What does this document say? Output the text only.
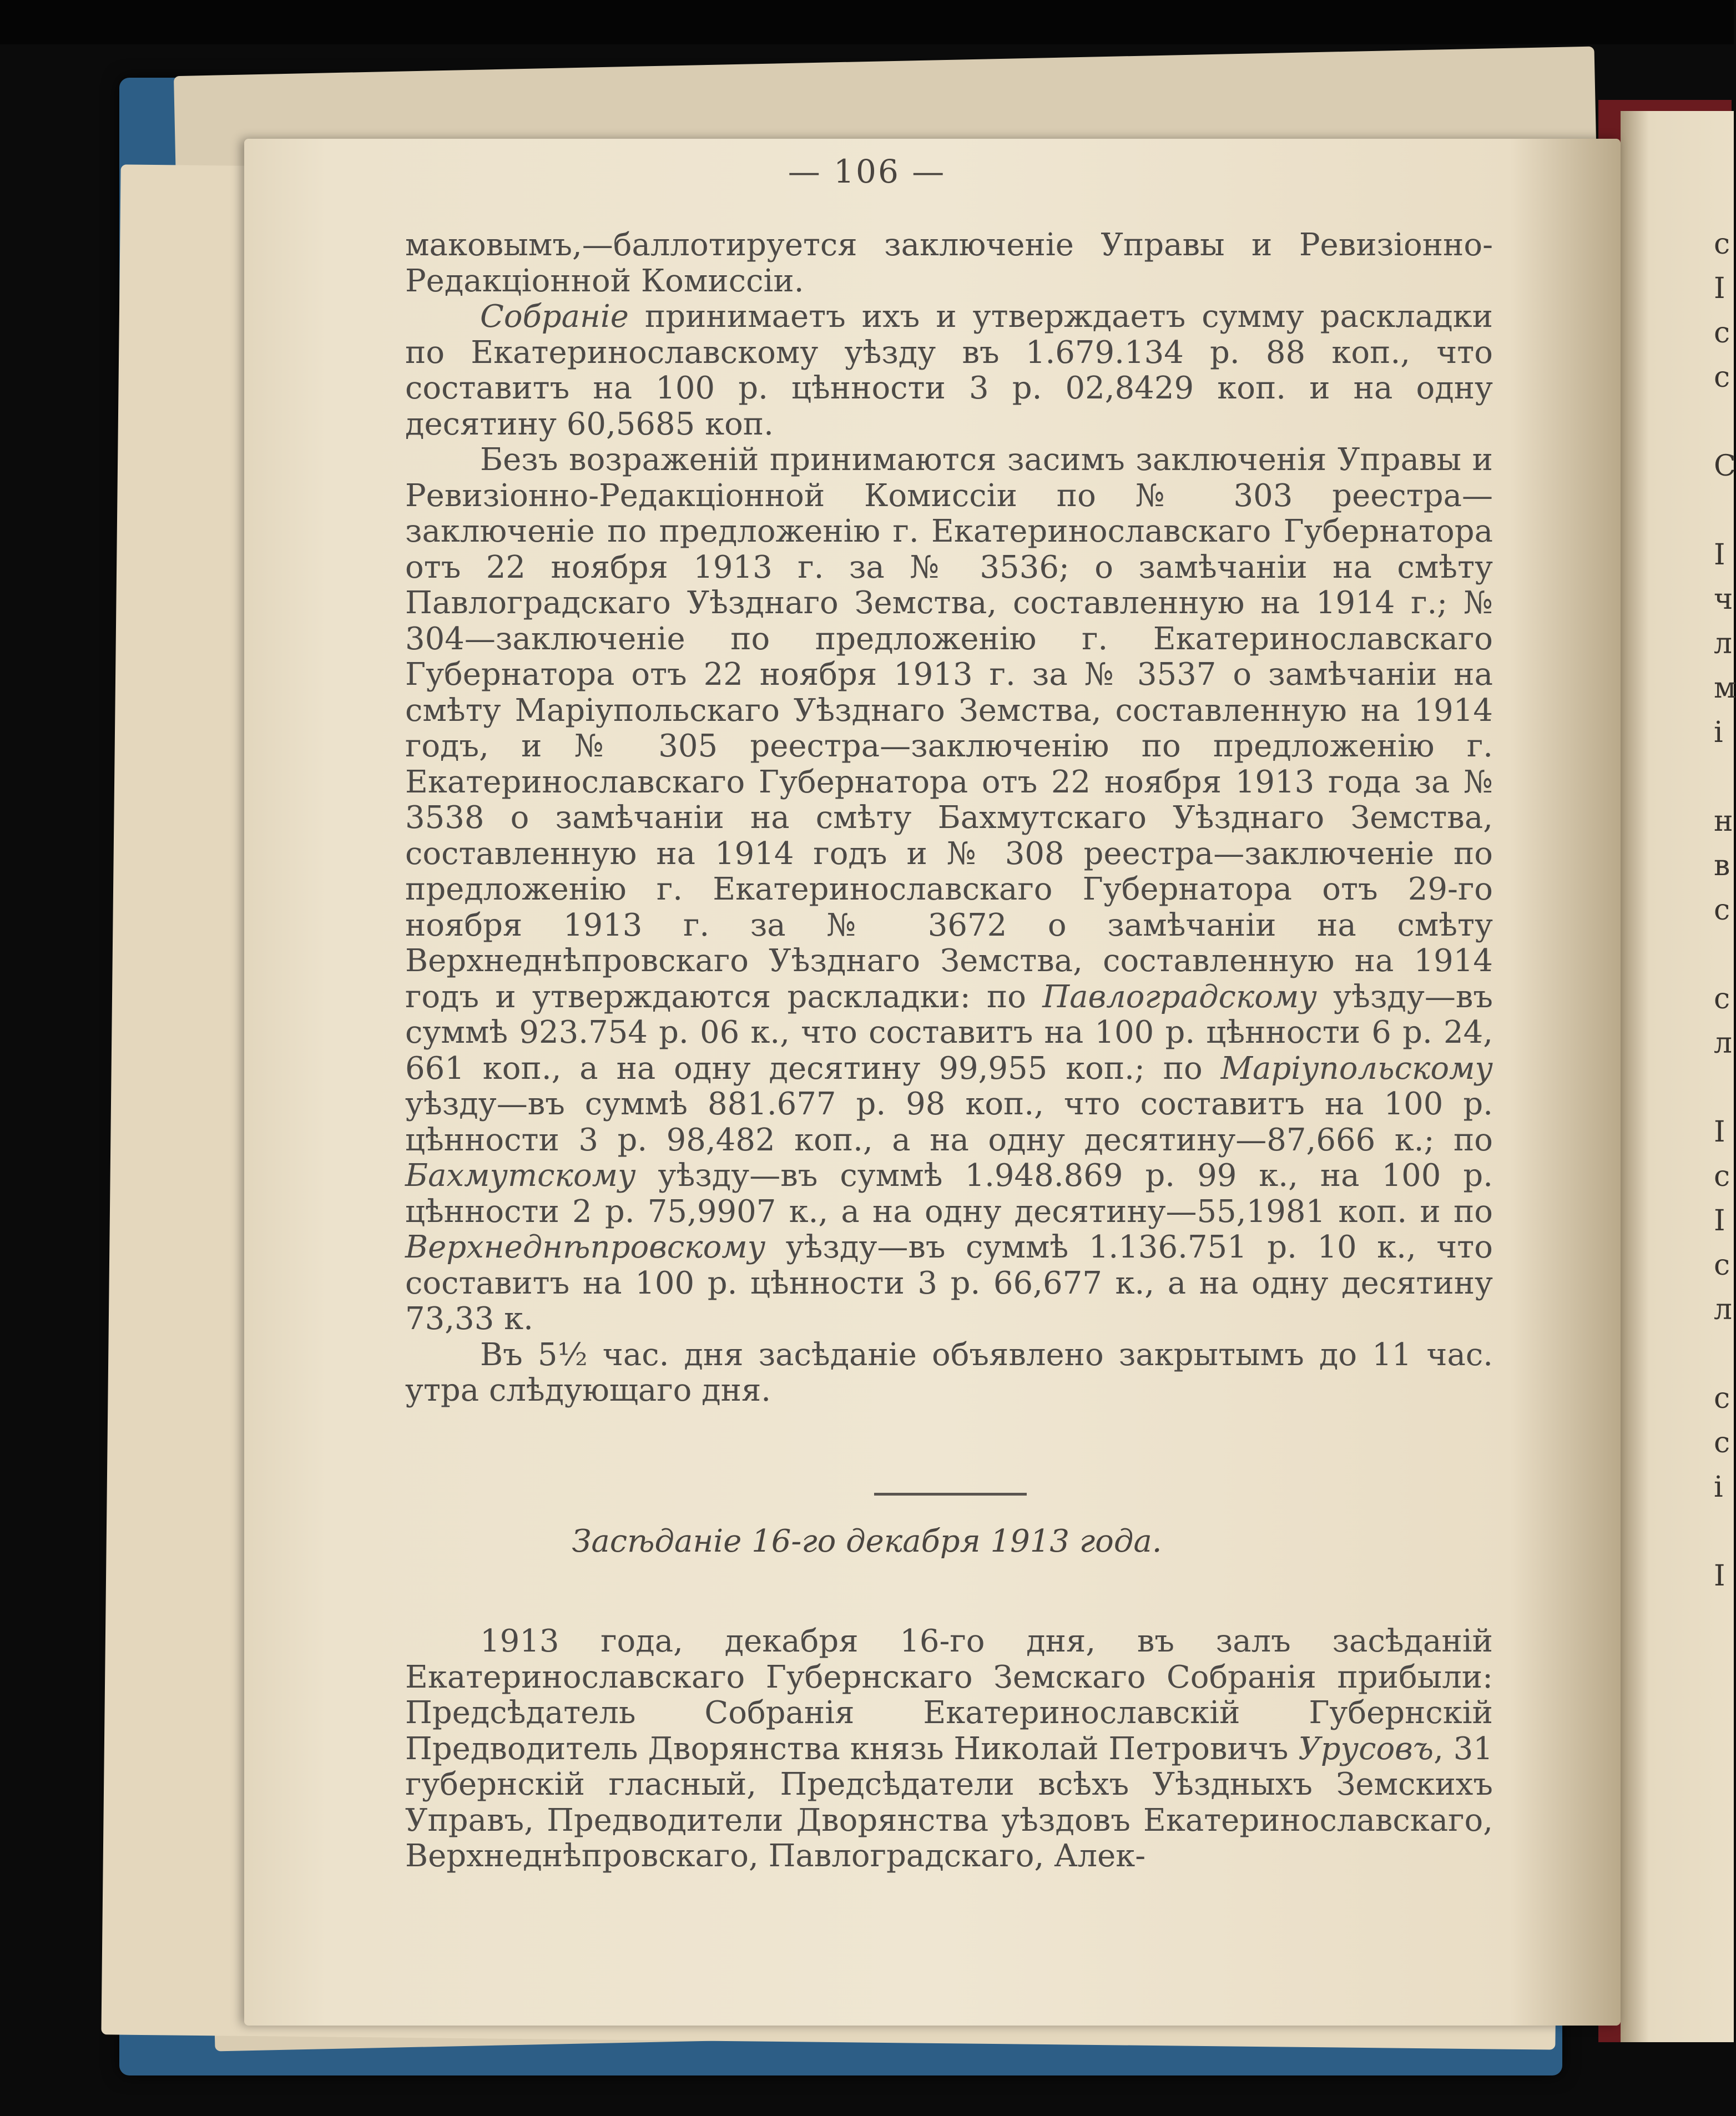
— 106 —

маковымъ,—баллотируется заключеніе Управы и Ревизіонно-Редакціонной Комиссіи.

Собраніе принимаетъ ихъ и утверждаетъ сумму раскладки по Екатеринославскому уѣзду въ 1.679.134 р. 88 коп., что составитъ на 100 р. цѣнности 3 р. 02,8429 коп. и на одну десятину 60,5685 коп.

Безъ возраженій принимаются засимъ заключенія Управы и Ревизіонно-Редакціонной Комиссіи по № 303 реестра—заключеніе по предложенію г. Екатеринославскаго Губернатора отъ 22 ноября 1913 г. за № 3536; о замѣчаніи на смѣту Павлоградскаго Уѣзднаго Земства, составленную на 1914 г.; № 304—заключеніе по предложенію г. Екатеринославскаго Губернатора отъ 22 ноября 1913 г. за № 3537 о замѣчаніи на смѣту Маріупольскаго Уѣзднаго Земства, составленную на 1914 годъ, и № 305 реестра—заключенію по предложенію г. Екатеринославскаго Губернатора отъ 22 ноября 1913 года за № 3538 о замѣчаніи на смѣту Бахмутскаго Уѣзднаго Земства, составленную на 1914 годъ и № 308 реестра—заключеніе по предложенію г. Екатеринославскаго Губернатора отъ 29-го ноября 1913 г. за № 3672 о замѣчаніи на смѣту Верхнеднѣпровскаго Уѣзднаго Земства, составленную на 1914 годъ и утверждаются раскладки: по Павлоградскому уѣзду—въ суммѣ 923.754 р. 06 к., что составитъ на 100 р. цѣнности 6 р. 24, 661 коп., а на одну десятину 99,955 коп.; по Маріупольскому уѣзду—въ суммѣ 881.677 р. 98 коп., что составитъ на 100 р. цѣнности 3 р. 98,482 коп., а на одну десятину—87,666 к.; по Бахмутскому уѣзду—въ суммѣ 1.948.869 р. 99 к., на 100 р. цѣнности 2 р. 75,9907 к., а на одну десятину—55,1981 коп. и по Верхнеднѣпровскому уѣзду—въ суммѣ 1.136.751 р. 10 к., что составитъ на 100 р. цѣнности 3 р. 66,677 к., а на одну десятину 73,33 к.

Въ 5½ час. дня засѣданіе объявлено закрытымъ до 11 час. утра слѣдующаго дня.

Засѣданіе 16-го декабря 1913 года.

1913 года, декабря 16-го дня, въ залъ засѣданій Екатеринославскаго Губернскаго Земскаго Собранія прибыли: Предсѣдатель Собранія Екатеринославскій Губернскій Предводитель Дворянства князь Николай Петровичъ Урусовъ, 31 губернскій гласный, Предсѣдатели всѣхъ Уѣздныхъ Земскихъ Управъ, Предводители Дворянства уѣздовъ Екатеринославскаго, Верхнеднѣпровскаго, Павлоградскаго, Алек-

с
І
с
с
С
І
ч
л
м
і
н
в
с
с
л
І
с
І
с
л
с
с
і
І
